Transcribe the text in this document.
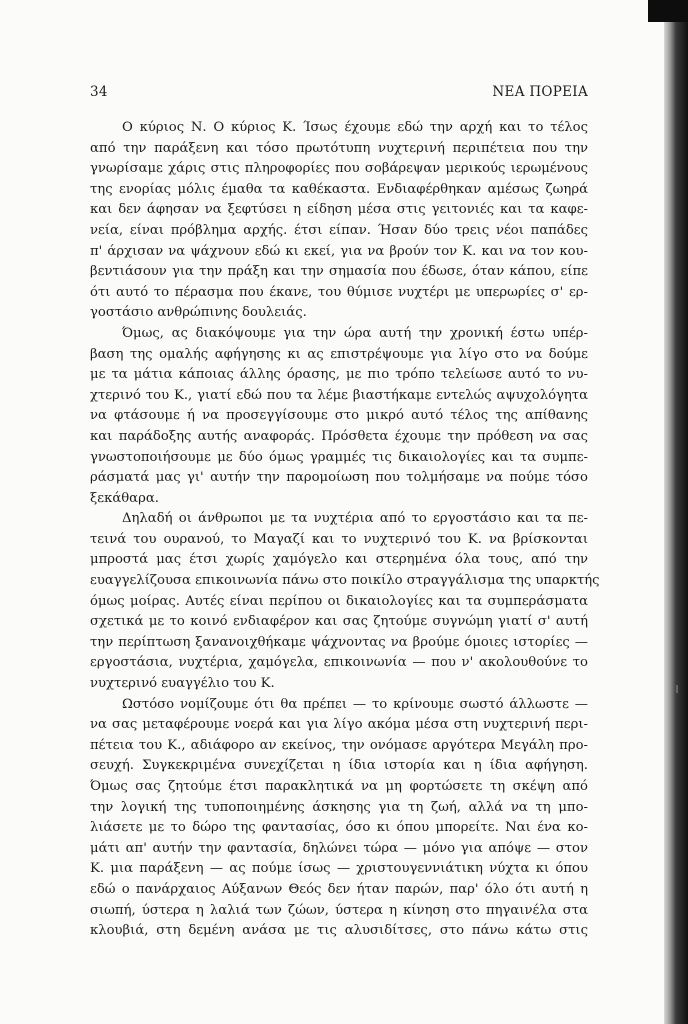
34	ΝΕΑ ΠΟΡΕΙΑ

Ο κύριος Ν. Ο κύριος Κ. Ίσως έχουμε εδώ την αρχή και το τέλος
από την παράξενη και τόσο πρωτότυπη νυχτερινή περιπέτεια που την
γνωρίσαμε χάρις στις πληροφορίες που σοβάρεψαν μερικούς ιερωμένους
της ενορίας μόλις έμαθα τα καθέκαστα. Ενδιαφέρθηκαν αμέσως ζωηρά
και δεν άφησαν να ξεφτύσει η είδηση μέσα στις γειτονιές και τα καφε-
νεία, είναι πρόβλημα αρχής. έτσι είπαν. Ήσαν δύο τρεις νέοι παπάδες
π' άρχισαν να ψάχνουν εδώ κι εκεί, για να βρούν τον Κ. και να τον κου-
βεντιάσουν για την πράξη και την σημασία που έδωσε, όταν κάπου, είπε
ότι αυτό το πέρασμα που έκανε, του θύμισε νυχτέρι με υπερωρίες σ' ερ-
γοστάσιο ανθρώπινης δουλειάς.

Όμως, ας διακόψουμε για την ώρα αυτή την χρονική έστω υπέρ-
βαση της ομαλής αφήγησης κι ας επιστρέψουμε για λίγο στο να δούμε
με τα μάτια κάποιας άλλης όρασης, με πιο τρόπο τελείωσε αυτό το νυ-
χτερινό του Κ., γιατί εδώ που τα λέμε βιαστήκαμε εντελώς αψυχολόγητα
να φτάσουμε ή να προσεγγίσουμε στο μικρό αυτό τέλος της απίθανης
και παράδοξης αυτής αναφοράς. Πρόσθετα έχουμε την πρόθεση να σας
γνωστοποιήσουμε με δύο όμως γραμμές τις δικαιολογίες και τα συμπε-
ράσματά μας γι' αυτήν την παρομοίωση που τολμήσαμε να πούμε τόσο
ξεκάθαρα.

Δηλαδή οι άνθρωποι με τα νυχτέρια από το εργοστάσιο και τα πε-
τεινά του ουρανού, το Μαγαζί και το νυχτερινό του Κ. να βρίσκονται
μπροστά μας έτσι χωρίς χαμόγελο και στερημένα όλα τους, από την
ευαγγελίζουσα επικοινωνία πάνω στο ποικίλο στραγγάλισμα της υπαρκτής
όμως μοίρας. Αυτές είναι περίπου οι δικαιολογίες και τα συμπεράσματα
σχετικά με το κοινό ενδιαφέρον και σας ζητούμε συγνώμη γιατί σ' αυτή
την περίπτωση ξανανοιχθήκαμε ψάχνοντας να βρούμε όμοιες ιστορίες —
εργοστάσια, νυχτέρια, χαμόγελα, επικοινωνία — που ν' ακολουθούνε το
νυχτερινό ευαγγέλιο του Κ.

Ωστόσο νομίζουμε ότι θα πρέπει — το κρίνουμε σωστό άλλωστε —
να σας μεταφέρουμε νοερά και για λίγο ακόμα μέσα στη νυχτερινή περι-
πέτεια του Κ., αδιάφορο αν εκείνος, την ονόμασε αργότερα Μεγάλη προ-
σευχή. Συγκεκριμένα συνεχίζεται η ίδια ιστορία και η ίδια αφήγηση.
Όμως σας ζητούμε έτσι παρακλητικά να μη φορτώσετε τη σκέψη από
την λογική της τυποποιημένης άσκησης για τη ζωή, αλλά να τη μπο-
λιάσετε με το δώρο της φαντασίας, όσο κι όπου μπορείτε. Ναι ένα κο-
μάτι απ' αυτήν την φαντασία, δηλώνει τώρα — μόνο για απόψε — στον
Κ. μια παράξενη — ας πούμε ίσως — χριστουγεννιάτικη νύχτα κι όπου
εδώ ο πανάρχαιος Αύξανων Θεός δεν ήταν παρών, παρ' όλο ότι αυτή η
σιωπή, ύστερα η λαλιά των ζώων, ύστερα η κίνηση στο πηγαινέλα στα
κλουβιά, στη δεμένη ανάσα με τις αλυσιδίτσες, στο πάνω κάτω στις
